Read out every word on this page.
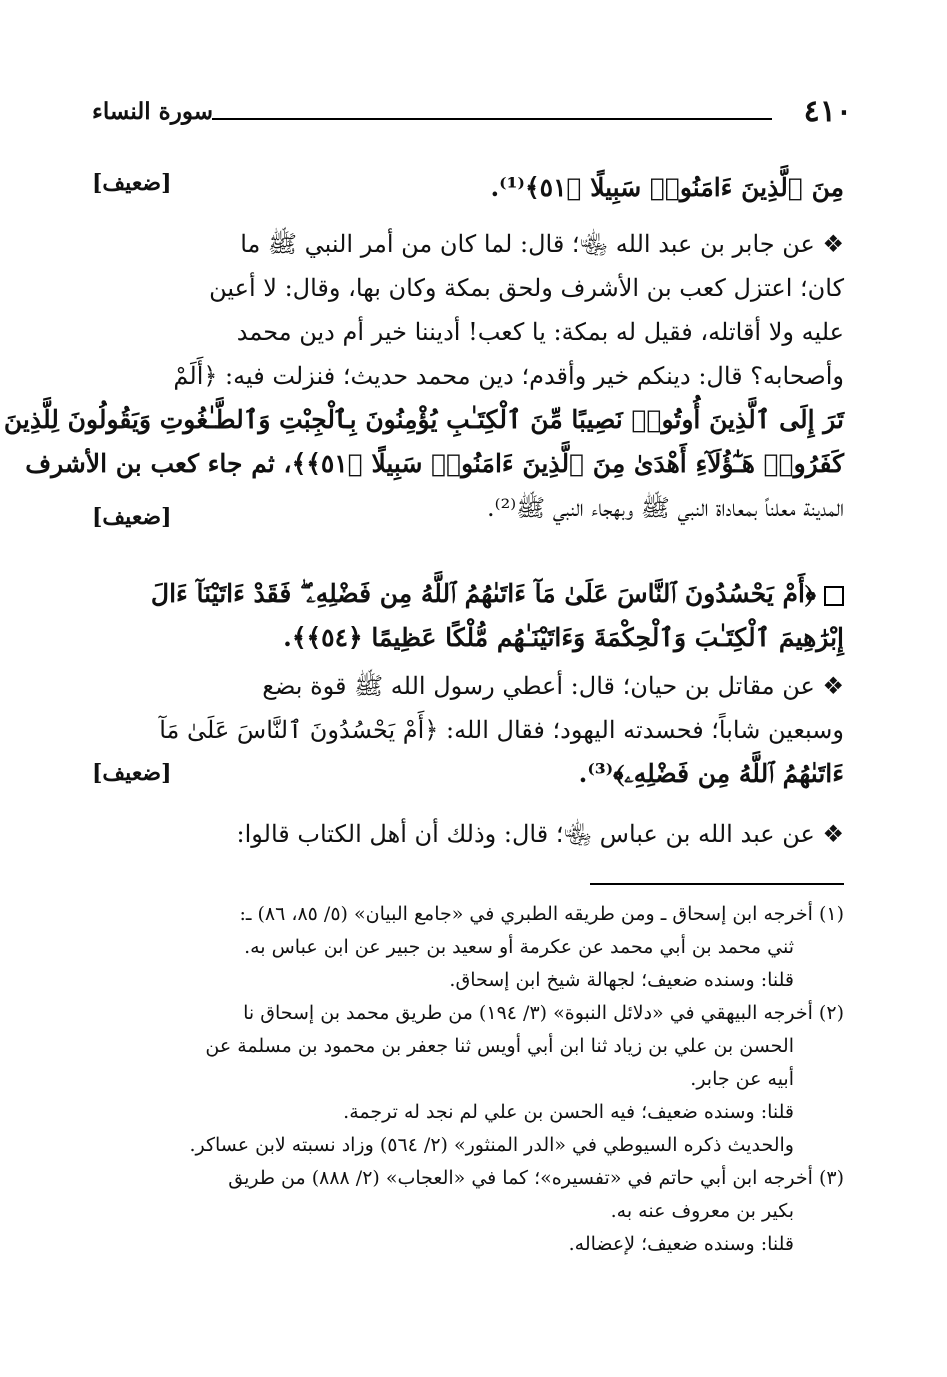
٤١٠
سورة النساء
مِنَ ٱلَّذِينَ ءَامَنُوا۟ سَبِيلًا ﴿٥١﴾⁽¹⁾.
[ضعيف]
❖ عن جابر بن عبد الله ﵄؛ قال: لما كان من أمر النبي ﷺ ما
كان؛ اعتزل كعب بن الأشرف ولحق بمكة وكان بها، وقال: لا أعين
عليه ولا أقاتله، فقيل له بمكة: يا كعب! أديننا خير أم دين محمد
وأصحابه؟ قال: دينكم خير وأقدم؛ دين محمد حديث؛ فنزلت فيه: ﴿أَلَمْ
تَرَ إِلَى ٱلَّذِينَ أُوتُوا۟ نَصِيبًا مِّنَ ٱلْكِتَـٰبِ يُؤْمِنُونَ بِٱلْجِبْتِ وَٱلطَّـٰغُوتِ وَيَقُولُونَ لِلَّذِينَ
كَفَرُوا۟ هَـٰٓؤُلَآءِ أَهْدَىٰ مِنَ ٱلَّذِينَ ءَامَنُوا۟ سَبِيلًا ﴿٥١﴾﴾، ثم جاء كعب بن الأشرف
المدينة معلناً بمعاداة النبي ﷺ وبهجاء النبي ﷺ⁽²⁾.
[ضعيف]
﴿أَمْ يَحْسُدُونَ ٱلنَّاسَ عَلَىٰ مَآ ءَاتَىٰهُمُ ٱللَّهُ مِن فَضْلِهِۦ ۖ فَقَدْ ءَاتَيْنَآ ءَالَ
إِبْرَٰهِيمَ ٱلْكِتَـٰبَ وَٱلْحِكْمَةَ وَءَاتَيْنَـٰهُم مُّلْكًا عَظِيمًا ﴿٥٤﴾﴾.
❖ عن مقاتل بن حيان؛ قال: أعطي رسول الله ﷺ قوة بضع
وسبعين شاباً؛ فحسدته اليهود؛ فقال الله: ﴿أَمْ يَحْسُدُونَ ٱلنَّاسَ عَلَىٰ مَآ
ءَاتَىٰهُمُ ٱللَّهُ مِن فَضْلِهِۦ﴾⁽³⁾.
[ضعيف]
❖ عن عبد الله بن عباس ﵄؛ قال: وذلك أن أهل الكتاب قالوا:
(١) أخرجه ابن إسحاق ـ ومن طريقه الطبري في «جامع البيان» (٥/ ٨٥، ٨٦) ـ:
ثني محمد بن أبي محمد عن عكرمة أو سعيد بن جبير عن ابن عباس به.
قلنا: وسنده ضعيف؛ لجهالة شيخ ابن إسحاق.
(٢) أخرجه البيهقي في «دلائل النبوة» (٣/ ١٩٤) من طريق محمد بن إسحاق نا
الحسن بن علي بن زياد ثنا ابن أبي أويس ثنا جعفر بن محمود بن مسلمة عن
أبيه عن جابر.
قلنا: وسنده ضعيف؛ فيه الحسن بن علي لم نجد له ترجمة.
والحديث ذكره السيوطي في «الدر المنثور» (٢/ ٥٦٤) وزاد نسبته لابن عساكر.
(٣) أخرجه ابن أبي حاتم في «تفسيره»؛ كما في «العجاب» (٢/ ٨٨٨) من طريق
بكير بن معروف عنه به.
قلنا: وسنده ضعيف؛ لإعضاله.
